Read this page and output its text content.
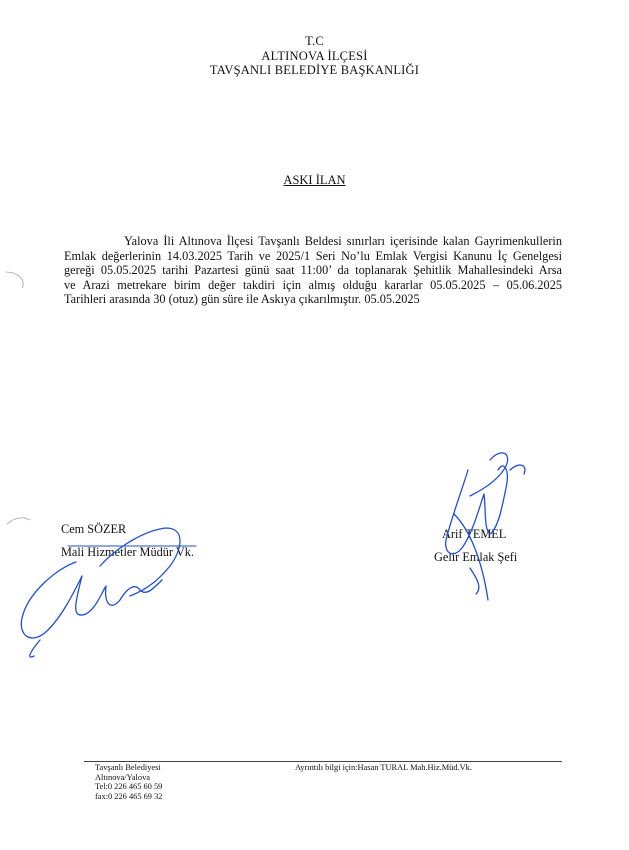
T.C
ALTINOVA İLÇESİ
TAVŞANLI BELEDİYE BAŞKANLIĞI
ASKI İLAN
Yalova İli Altınova İlçesi Tavşanlı Beldesi sınırları içerisinde kalan Gayrimenkullerin
Emlak değerlerinin 14.03.2025 Tarih ve 2025/1 Seri No’lu Emlak Vergisi Kanunu İç Genelgesi
gereği 05.05.2025 tarihi Pazartesi günü saat 11:00’ da toplanarak Şehitlik Mahallesindeki Arsa
ve Arazi metrekare birim değer takdiri için almış olduğu kararlar 05.05.2025 – 05.06.2025
Tarihleri arasında 30 (otuz) gün süre ile Askıya çıkarılmıştır. 05.05.2025
Cem SÖZER
Mali Hizmetler Müdür Vk.
Arif TEMEL
Gelir Emlak Şefi
Tavşanlı Belediyesi
Altınova/Yalova
Tel:0 226 465 60 59
fax:0 226 465 69 32
Ayrıntılı bilgi için:Hasan TURAL Mah.Hiz.Müd.Vk.
